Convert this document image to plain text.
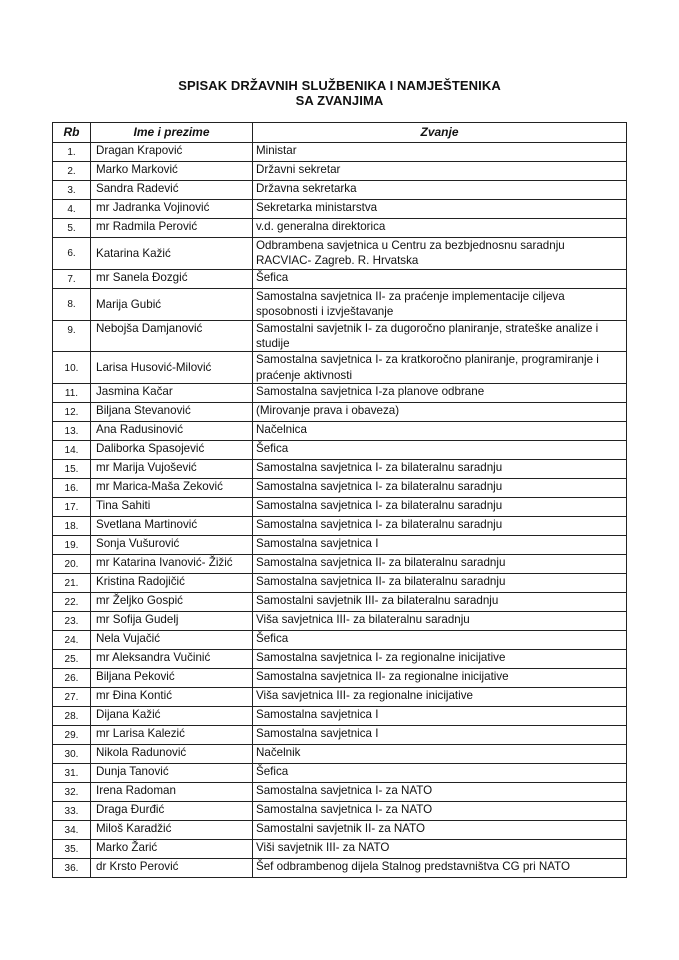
SPISAK DRŽAVNIH SLUŽBENIKA I NAMJEŠTENIKA
SA ZVANJIMA
Rb	Ime i prezime	Zvanje
1.	Dragan Krapović	Ministar
2.	Marko Marković	Državni sekretar
3.	Sandra Radević	Državna sekretarka
4.	mr Jadranka Vojinović	Sekretarka ministarstva
5.	mr Radmila Perović	v.d. generalna direktorica
6.	Katarina Kažić	Odbrambena savjetnica u Centru za bezbjednosnu saradnju RACVIAC- Zagreb. R. Hrvatska
7.	mr Sanela Đozgić	Šefica
8.	Marija Gubić	Samostalna savjetnica II- za praćenje implementacije ciljeva sposobnosti i izvještavanje
9.	Nebojša Damjanović	Samostalni savjetnik I- za dugoročno planiranje, strateške analize i studije
10.	Larisa Husović-Milović	Samostalna savjetnica I- za kratkoročno planiranje, programiranje i praćenje aktivnosti
11.	Jasmina Kačar	Samostalna savjetnica I-za planove odbrane
12.	Biljana Stevanović	(Mirovanje prava i obaveza)
13.	Ana Radusinović	Načelnica
14.	Daliborka Spasojević	Šefica
15.	mr Marija Vujošević	Samostalna savjetnica I- za bilateralnu saradnju
16.	mr Marica-Maša Zeković	Samostalna savjetnica I- za bilateralnu saradnju
17.	Tina Sahiti	Samostalna savjetnica I- za bilateralnu saradnju
18.	Svetlana Martinović	Samostalna savjetnica I- za bilateralnu saradnju
19.	Sonja Vušurović	Samostalna savjetnica I
20.	mr Katarina Ivanović- Žižić	Samostalna savjetnica II- za bilateralnu saradnju
21.	Kristina Radojičić	Samostalna savjetnica II- za bilateralnu saradnju
22.	mr Željko Gospić	Samostalni savjetnik III- za bilateralnu saradnju
23.	mr Sofija Gudelj	Viša savjetnica III- za bilateralnu saradnju
24.	Nela Vujačić	Šefica
25.	mr Aleksandra Vučinić	Samostalna savjetnica I- za regionalne inicijative
26.	Biljana Peković	Samostalna savjetnica II- za regionalne inicijative
27.	mr Đina Kontić	Viša savjetnica III- za regionalne inicijative
28.	Dijana Kažić	Samostalna savjetnica I
29.	mr Larisa Kalezić	Samostalna savjetnica I
30.	Nikola Radunović	Načelnik
31.	Dunja Tanović	Šefica
32.	Irena Radoman	Samostalna savjetnica I- za NATO
33.	Draga Đurđić	Samostalna savjetnica I- za NATO
34.	Miloš Karadžić	Samostalni savjetnik II- za NATO
35.	Marko Žarić	Viši savjetnik III- za NATO
36.	dr Krsto Perović	Šef odbrambenog dijela Stalnog predstavništva CG pri NATO
